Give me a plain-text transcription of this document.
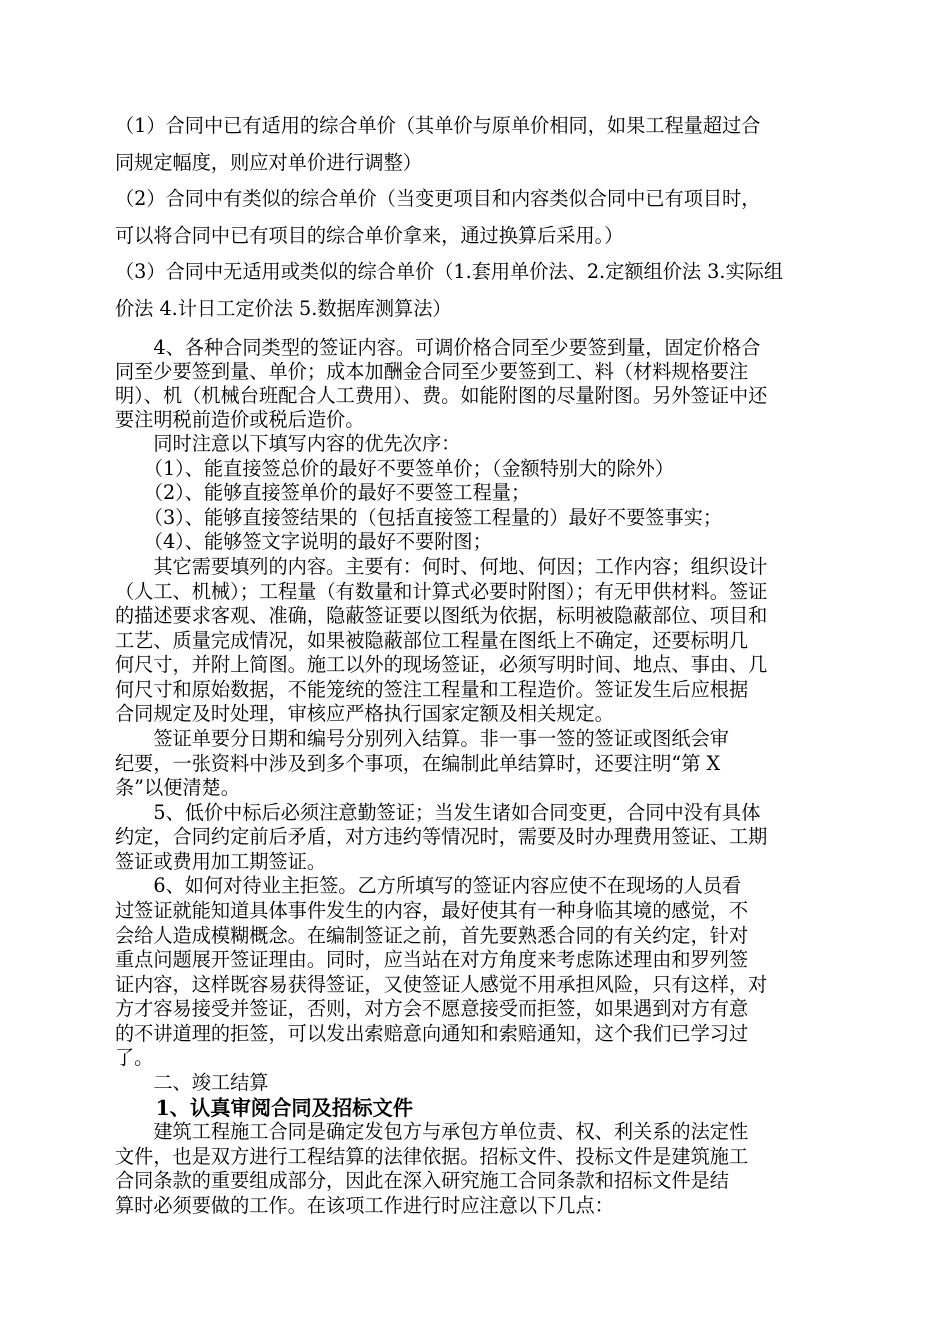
（1）合同中已有适用的综合单价（其单价与原单价相同，如果工程量超过合
同规定幅度，则应对单价进行调整）
（2）合同中有类似的综合单价（当变更项目和内容类似合同中已有项目时，
可以将合同中已有项目的综合单价拿来，通过换算后采用。）
（3）合同中无适用或类似的综合单价（1.套用单价法、2.定额组价法 3.实际组
价法 4.计日工定价法 5.数据库测算法）
　　4、各种合同类型的签证内容。可调价格合同至少要签到量，固定价格合
同至少要签到量、单价；成本加酬金合同至少要签到工、料（材料规格要注
明）、机（机械台班配合人工费用）、费。如能附图的尽量附图。另外签证中还
要注明税前造价或税后造价。
　　同时注意以下填写内容的优先次序：
　　（1）、能直接签总价的最好不要签单价；（金额特别大的除外）
　　（2）、能够直接签单价的最好不要签工程量；
　　（3）、能够直接签结果的（包括直接签工程量的）最好不要签事实；
　　（4）、能够签文字说明的最好不要附图；
　　其它需要填列的内容。主要有：何时、何地、何因；工作内容；组织设计
（人工、机械）；工程量（有数量和计算式必要时附图）；有无甲供材料。签证
的描述要求客观、准确，隐蔽签证要以图纸为依据，标明被隐蔽部位、项目和
工艺、质量完成情况，如果被隐蔽部位工程量在图纸上不确定，还要标明几
何尺寸，并附上简图。施工以外的现场签证，必须写明时间、地点、事由、几
何尺寸和原始数据，不能笼统的签注工程量和工程造价。签证发生后应根据
合同规定及时处理，审核应严格执行国家定额及相关规定。
　　签证单要分日期和编号分别列入结算。非一事一签的签证或图纸会审
纪要，一张资料中涉及到多个事项，在编制此单结算时，还要注明“第 X
条”以便清楚。
　　5、低价中标后必须注意勤签证；当发生诸如合同变更，合同中没有具体
约定，合同约定前后矛盾，对方违约等情况时，需要及时办理费用签证、工期
签证或费用加工期签证。
　　6、如何对待业主拒签。乙方所填写的签证内容应使不在现场的人员看
过签证就能知道具体事件发生的内容，最好使其有一种身临其境的感觉，不
会给人造成模糊概念。在编制签证之前，首先要熟悉合同的有关约定，针对
重点问题展开签证理由。同时，应当站在对方角度来考虑陈述理由和罗列签
证内容，这样既容易获得签证，又使签证人感觉不用承担风险，只有这样，对
方才容易接受并签证，否则，对方会不愿意接受而拒签，如果遇到对方有意
的不讲道理的拒签，可以发出索赔意向通知和索赔通知，这个我们已学习过
了。
　　二、竣工结算
　　1、认真审阅合同及招标文件
　　建筑工程施工合同是确定发包方与承包方单位责、权、利关系的法定性
文件，也是双方进行工程结算的法律依据。招标文件、投标文件是建筑施工
合同条款的重要组成部分，因此在深入研究施工合同条款和招标文件是结
算时必须要做的工作。在该项工作进行时应注意以下几点：
